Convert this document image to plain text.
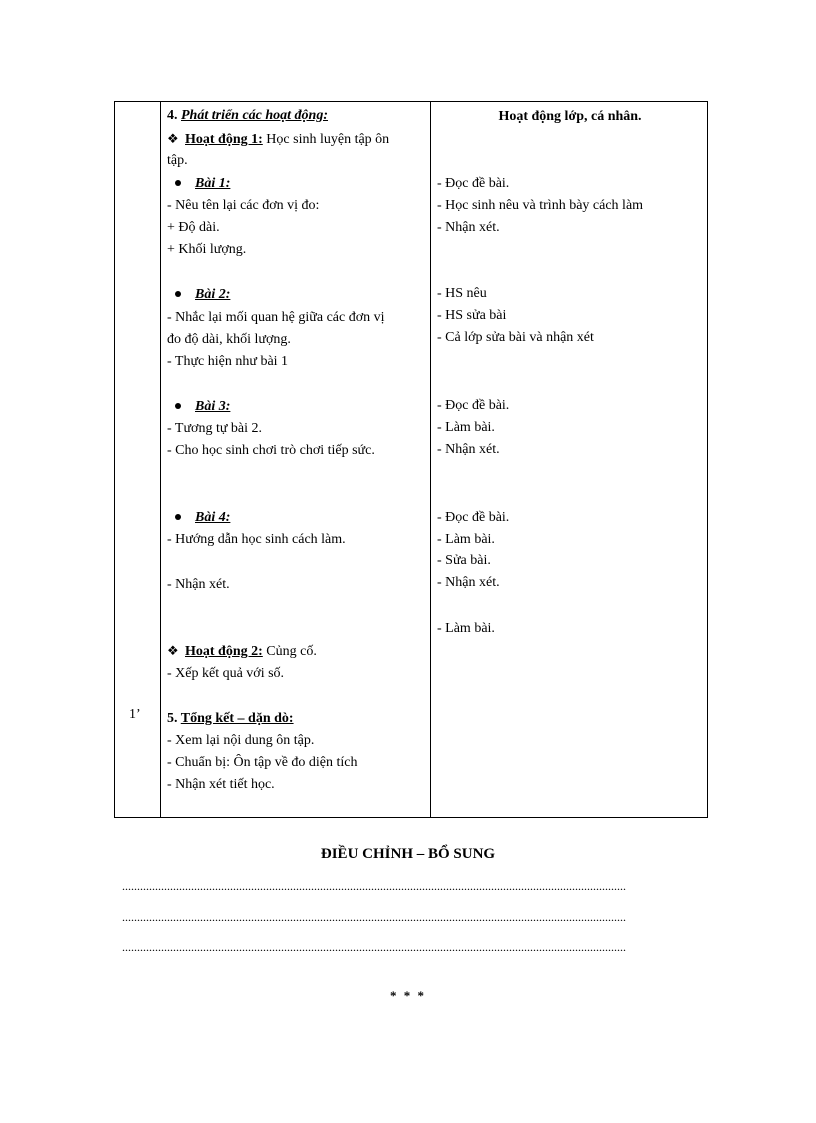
1’
4. Phát triển các hoạt động:
❖ Hoạt động 1: Học sinh luyện tập ôn
tập.
Bài 1:
- Nêu tên lại các đơn vị đo:
+ Độ dài.
+ Khối lượng.
Bài 2:
- Nhắc lại mối quan hệ giữa các đơn vị
đo độ dài, khối lượng.
- Thực hiện như bài 1
Bài 3:
- Tương tự bài 2.
- Cho học sinh chơi trò chơi tiếp sức.
Bài 4:
- Hướng dẫn học sinh cách làm.
- Nhận xét.
❖ Hoạt động 2: Củng cố.
- Xếp kết quả với số.
5. Tổng kết – dặn dò:
- Xem lại nội dung ôn tập.
- Chuẩn bị: Ôn tập về đo diện tích
- Nhận xét tiết học.
Hoạt động lớp, cá nhân.
- Đọc đề bài.
- Học sinh nêu và trình bày cách làm
- Nhận xét.
- HS nêu
- HS sửa bài
- Cả lớp sửa bài và nhận xét
- Đọc đề bài.
- Làm bài.
- Nhận xét.
- Đọc đề bài.
- Làm bài.
- Sửa bài.
- Nhận xét.
- Làm bài.
ĐIỀU CHỈNH – BỔ SUNG
........................................................................................................................................................................
........................................................................................................................................................................
........................................................................................................................................................................
* * *
